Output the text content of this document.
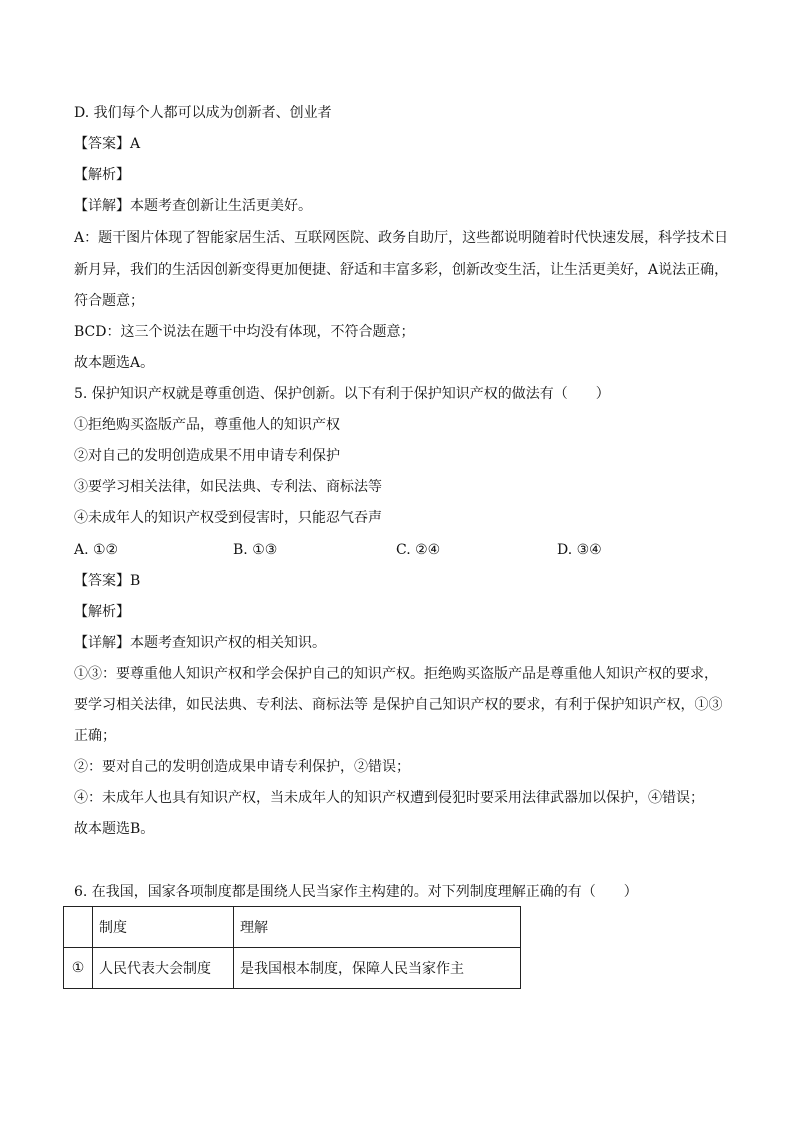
D. 我们每个人都可以成为创新者、创业者
【答案】A
【解析】
【详解】本题考查创新让生活更美好。
A：题干图片体现了智能家居生活、互联网医院、政务自助厅，这些都说明随着时代快速发展，科学技术日
新月异，我们的生活因创新变得更加便捷、舒适和丰富多彩，创新改变生活，让生活更美好，A说法正确，
符合题意；
BCD：这三个说法在题干中均没有体现，不符合题意；
故本题选A。
5. 保护知识产权就是尊重创造、保护创新。以下有利于保护知识产权的做法有（　　）
①拒绝购买盗版产品，尊重他人的知识产权
②对自己的发明创造成果不用申请专利保护
③要学习相关法律，如民法典、专利法、商标法等
④未成年人的知识产权受到侵害时，只能忍气吞声
A. ①②	B. ①③	C. ②④	D. ③④
【答案】B
【解析】
【详解】本题考查知识产权的相关知识。
①③：要尊重他人知识产权和学会保护自己的知识产权。拒绝购买盗版产品是尊重他人知识产权的要求，
要学习相关法律，如民法典、专利法、商标法等 是保护自己知识产权的要求，有利于保护知识产权，①③
正确；
②：要对自己的发明创造成果申请专利保护，②错误；
④：未成年人也具有知识产权，当未成年人的知识产权遭到侵犯时要采用法律武器加以保护，④错误；
故本题选B。
6. 在我国，国家各项制度都是围绕人民当家作主构建的。对下列制度理解正确的有（　　）
	制度	理解
①	人民代表大会制度	是我国根本制度，保障人民当家作主
